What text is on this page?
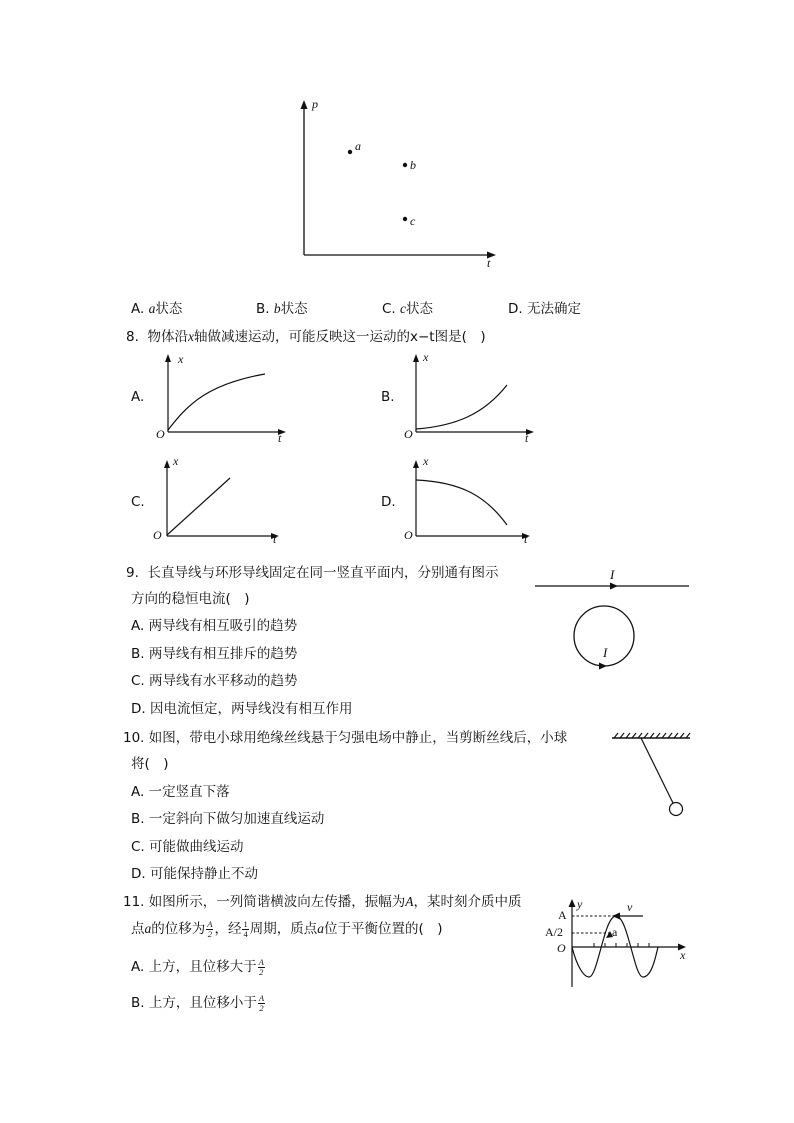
p
t
a
b
c
A. a状态	B. b状态	C. c状态	D. 无法确定
8. 物体沿x轴做减速运动，可能反映这一运动的x−t图是(　)
A.
x
t
O
B.
x
t
O
C.
x
t
O
D.
x
t
O
9. 长直导线与环形导线固定在同一竖直平面内，分别通有图示
方向的稳恒电流(　)
A. 两导线有相互吸引的趋势
B. 两导线有相互排斥的趋势
C. 两导线有水平移动的趋势
D. 因电流恒定，两导线没有相互作用
I
I
10. 如图，带电小球用绝缘丝线悬于匀强电场中静止，当剪断丝线后，小球
将(　)
A. 一定竖直下落
B. 一定斜向下做匀加速直线运动
C. 可能做曲线运动
D. 可能保持静止不动
11. 如图所示，一列简谐横波向左传播，振幅为A，某时刻介质中质
点a的位移为 $\frac{A}{2}$ ，经 $\frac{1}{4}$ 周期，质点a位于平衡位置的(　)
A. 上方，且位移大于 $\frac{A}{2}$
B. 上方，且位移小于 $\frac{A}{2}$
y
x
v
A
A/2
O
a
